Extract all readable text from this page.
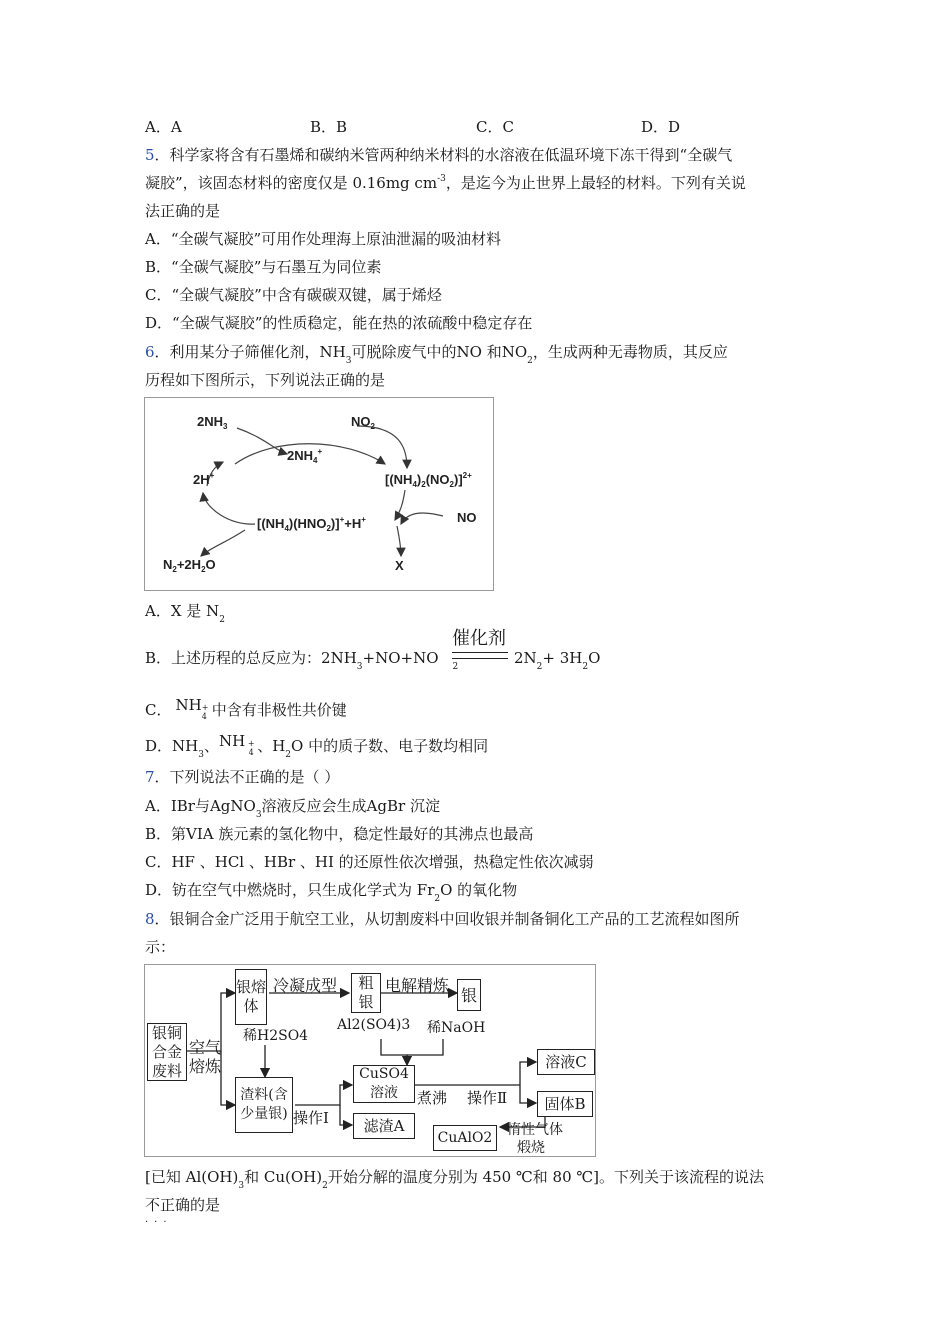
A．A	B．B	C．C	D．D
5．科学家将含有石墨烯和碳纳米管两种纳米材料的水溶液在低温环境下冻干得到“全碳气
凝胶”，该固态材料的密度仅是 0.16mg $cm^{-3}$，是迄今为止世界上最轻的材料。下列有关说
法正确的是
A．“全碳气凝胶”可用作处理海上原油泄漏的吸油材料
B．“全碳气凝胶”与石墨互为同位素
C．“全碳气凝胶”中含有碳碳双键，属于烯烃
D．“全碳气凝胶”的性质稳定，能在热的浓硫酸中稳定存在
6．利用某分子筛催化剂，$NH_3$可脱除废气中的NO 和$NO_2$，生成两种无毒物质，其反应
历程如下图所示，下列说法正确的是
$2NH_3$	$NO_2$
$2NH_4^+$
2H+	$[(NH_4)_2(NO_2)]^{2+}$
NO
$[(NH_4)(HNO_2)]^++H^+$
$N_2+2H_2O$	X
A．X 是 $N_2$
B．上述历程的总反应为：$2NH_3+NO+NO$ $_2$
催化剂
$2N_2+ 3H_2O$
C． NH+
4 中含有非极性共价键
D．$NH_3$、NH +
4 、$H_2O$ 中的质子数、电子数均相同
7．下列说法不正确的是（ ）
A．IBr与AgNO$_3$溶液反应会生成AgBr 沉淀
B．第VIA 族元素的氢化物中，稳定性最好的其沸点也最高
C．HF 、HCl 、HBr 、HI 的还原性依次增强，热稳定性依次减弱
D．钫在空气中燃烧时，只生成化学式为 $Fr_2O$ 的氧化物
8．银铜合金广泛用于航空工业，从切割废料中回收银并制备铜化工产品的工艺流程如图所
示：
银铜合金废料
空气
熔炼
银熔体
冷凝成型	粗银
电解精炼 银
稀H2SO4
渣料(含少量银) 操作Ⅰ
Al2(SO4)3 稀NaOH
CuSO4溶液	煮沸 操作Ⅱ
溶液C
固体B
滤渣A
CuAlO2	惰性气体
煅烧
[已知 $Al(OH)_3$和 $Cu(OH)_2$开始分解的温度分别为 450 ℃和 80 ℃]。下列关于该流程的说法
不正确的是
···
